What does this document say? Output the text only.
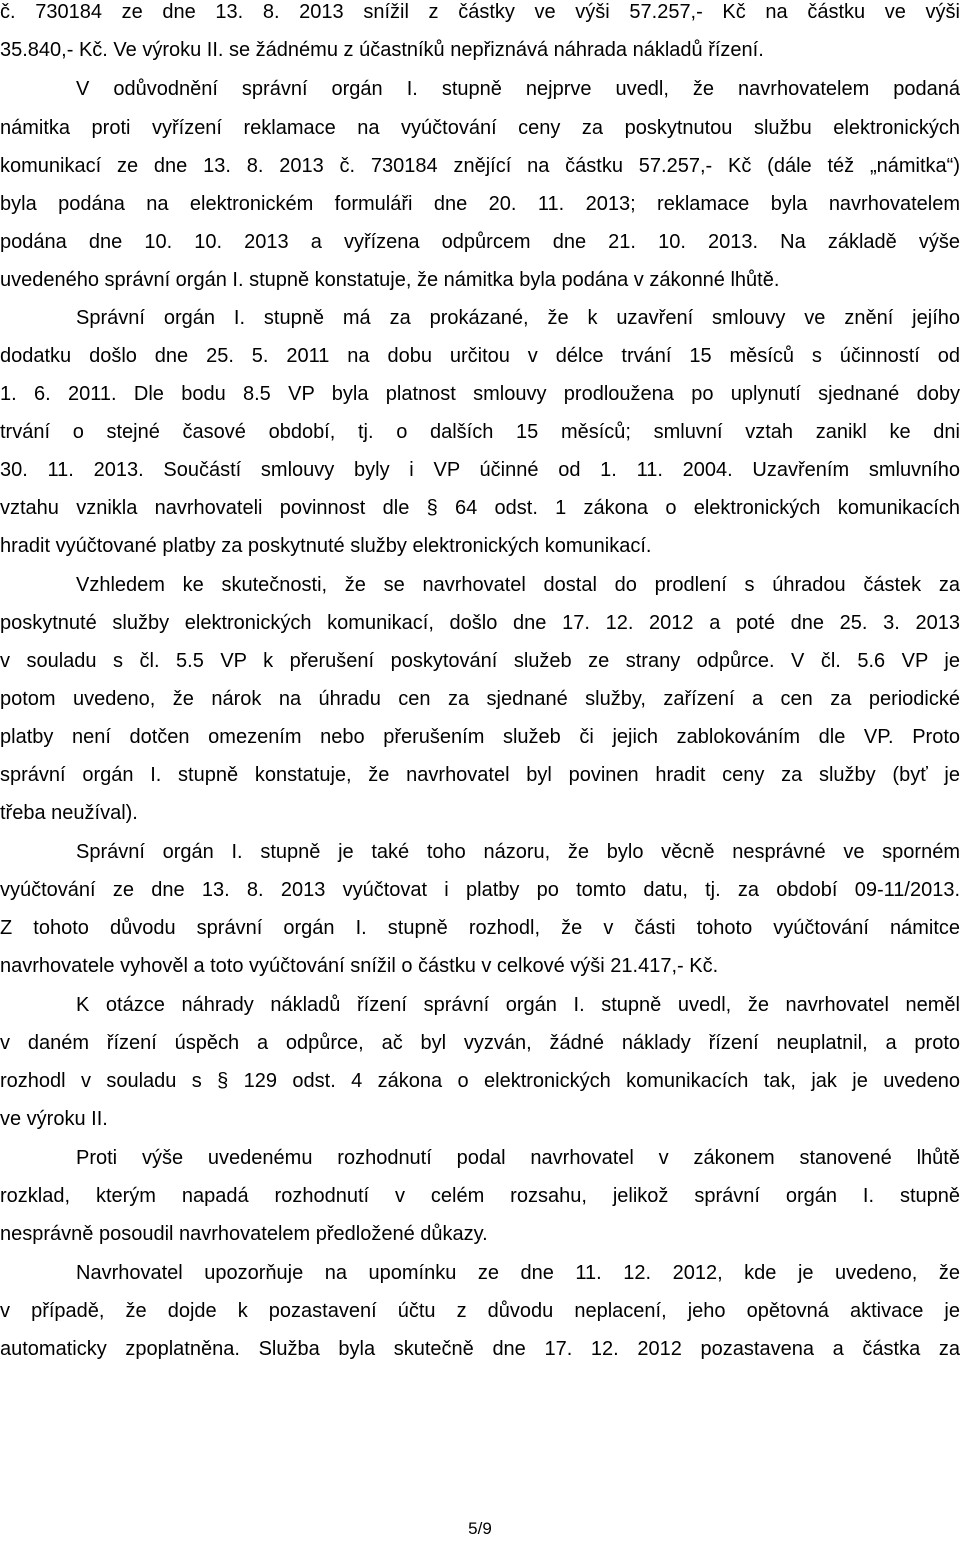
č. 730184 ze dne 13. 8. 2013 snížil z částky ve výši 57.257,- Kč na částku ve výši
35.840,- Kč. Ve výroku II. se žádnému z účastníků nepřiznává náhrada nákladů řízení.
V odůvodnění správní orgán I. stupně nejprve uvedl, že navrhovatelem podaná
námitka proti vyřízení reklamace na vyúčtování ceny za poskytnutou službu elektronických
komunikací ze dne 13. 8. 2013 č. 730184 znějící na částku 57.257,- Kč (dále též „námitka“)
byla podána na elektronickém formuláři dne 20. 11. 2013; reklamace byla navrhovatelem
podána dne 10. 10. 2013 a vyřízena odpůrcem dne 21. 10. 2013. Na základě výše
uvedeného správní orgán I. stupně konstatuje, že námitka byla podána v zákonné lhůtě.
Správní orgán I. stupně má za prokázané, že k uzavření smlouvy ve znění jejího
dodatku došlo dne 25. 5. 2011 na dobu určitou v délce trvání 15 měsíců s účinností od
1. 6. 2011. Dle bodu 8.5 VP byla platnost smlouvy prodloužena po uplynutí sjednané doby
trvání o stejné časové období, tj. o dalších 15 měsíců; smluvní vztah zanikl ke dni
30. 11. 2013. Součástí smlouvy byly i VP účinné od 1. 11. 2004. Uzavřením smluvního
vztahu vznikla navrhovateli povinnost dle § 64 odst. 1 zákona o elektronických komunikacích
hradit vyúčtované platby za poskytnuté služby elektronických komunikací.
Vzhledem ke skutečnosti, že se navrhovatel dostal do prodlení s úhradou částek za
poskytnuté služby elektronických komunikací, došlo dne 17. 12. 2012 a poté dne 25. 3. 2013
v souladu s čl. 5.5 VP k přerušení poskytování služeb ze strany odpůrce. V čl. 5.6 VP je
potom uvedeno, že nárok na úhradu cen za sjednané služby, zařízení a cen za periodické
platby není dotčen omezením nebo přerušením služeb či jejich zablokováním dle VP. Proto
správní orgán I. stupně konstatuje, že navrhovatel byl povinen hradit ceny za služby (byť je
třeba neužíval).
Správní orgán I. stupně je také toho názoru, že bylo věcně nesprávné ve sporném
vyúčtování ze dne 13. 8. 2013 vyúčtovat i platby po tomto datu, tj. za období 09-11/2013.
Z tohoto důvodu správní orgán I. stupně rozhodl, že v části tohoto vyúčtování námitce
navrhovatele vyhověl a toto vyúčtování snížil o částku v celkové výši 21.417,- Kč.
K otázce náhrady nákladů řízení správní orgán I. stupně uvedl, že navrhovatel neměl
v daném řízení úspěch a odpůrce, ač byl vyzván, žádné náklady řízení neuplatnil, a proto
rozhodl v souladu s § 129 odst. 4 zákona o elektronických komunikacích tak, jak je uvedeno
ve výroku II.
Proti výše uvedenému rozhodnutí podal navrhovatel v zákonem stanovené lhůtě
rozklad, kterým napadá rozhodnutí v celém rozsahu, jelikož správní orgán I. stupně
nesprávně posoudil navrhovatelem předložené důkazy.
Navrhovatel upozorňuje na upomínku ze dne 11. 12. 2012, kde je uvedeno, že
v případě, že dojde k pozastavení účtu z důvodu neplacení, jeho opětovná aktivace je
automaticky zpoplatněna. Služba byla skutečně dne 17. 12. 2012 pozastavena a částka za
5/9
